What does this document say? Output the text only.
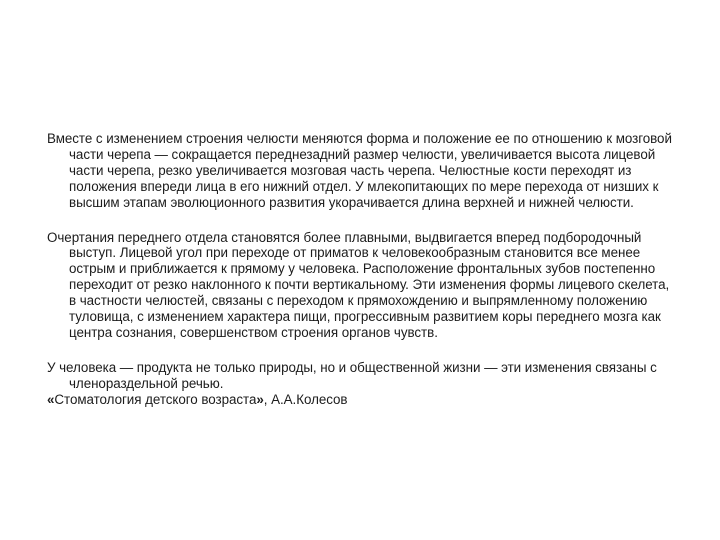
Вместе с изменением строения челюсти меняются форма и положение ее по отношению к мозговой части черепа — сокращается переднезадний размер челюсти, увеличивается высота лицевой части черепа, резко увеличивается мозговая часть черепа. Челюстные кости переходят из положения впереди лица в его нижний отдел. У млекопитающих по мере перехода от низших к высшим этапам эволюционного развития укорачивается длина верхней и нижней челюсти.

Очертания переднего отдела становятся более плавными, выдвигается вперед подбородочный выступ. Лицевой угол при переходе от приматов к человекообразным становится все менее острым и приближается к прямому у человека. Расположение фронтальных зубов постепенно переходит от резко наклонного к почти вертикальному. Эти изменения формы лицевого скелета, в частности челюстей, связаны с переходом к прямохождению и выпрямленному положению туловища, с изменением характера пищи, прогрессивным развитием коры переднего мозга как центра сознания, совершенством строения органов чувств.

У человека — продукта не только природы, но и общественной жизни — эти изменения связаны с членораздельной речью.

«Стоматология детского возраста», А.А.Колесов
